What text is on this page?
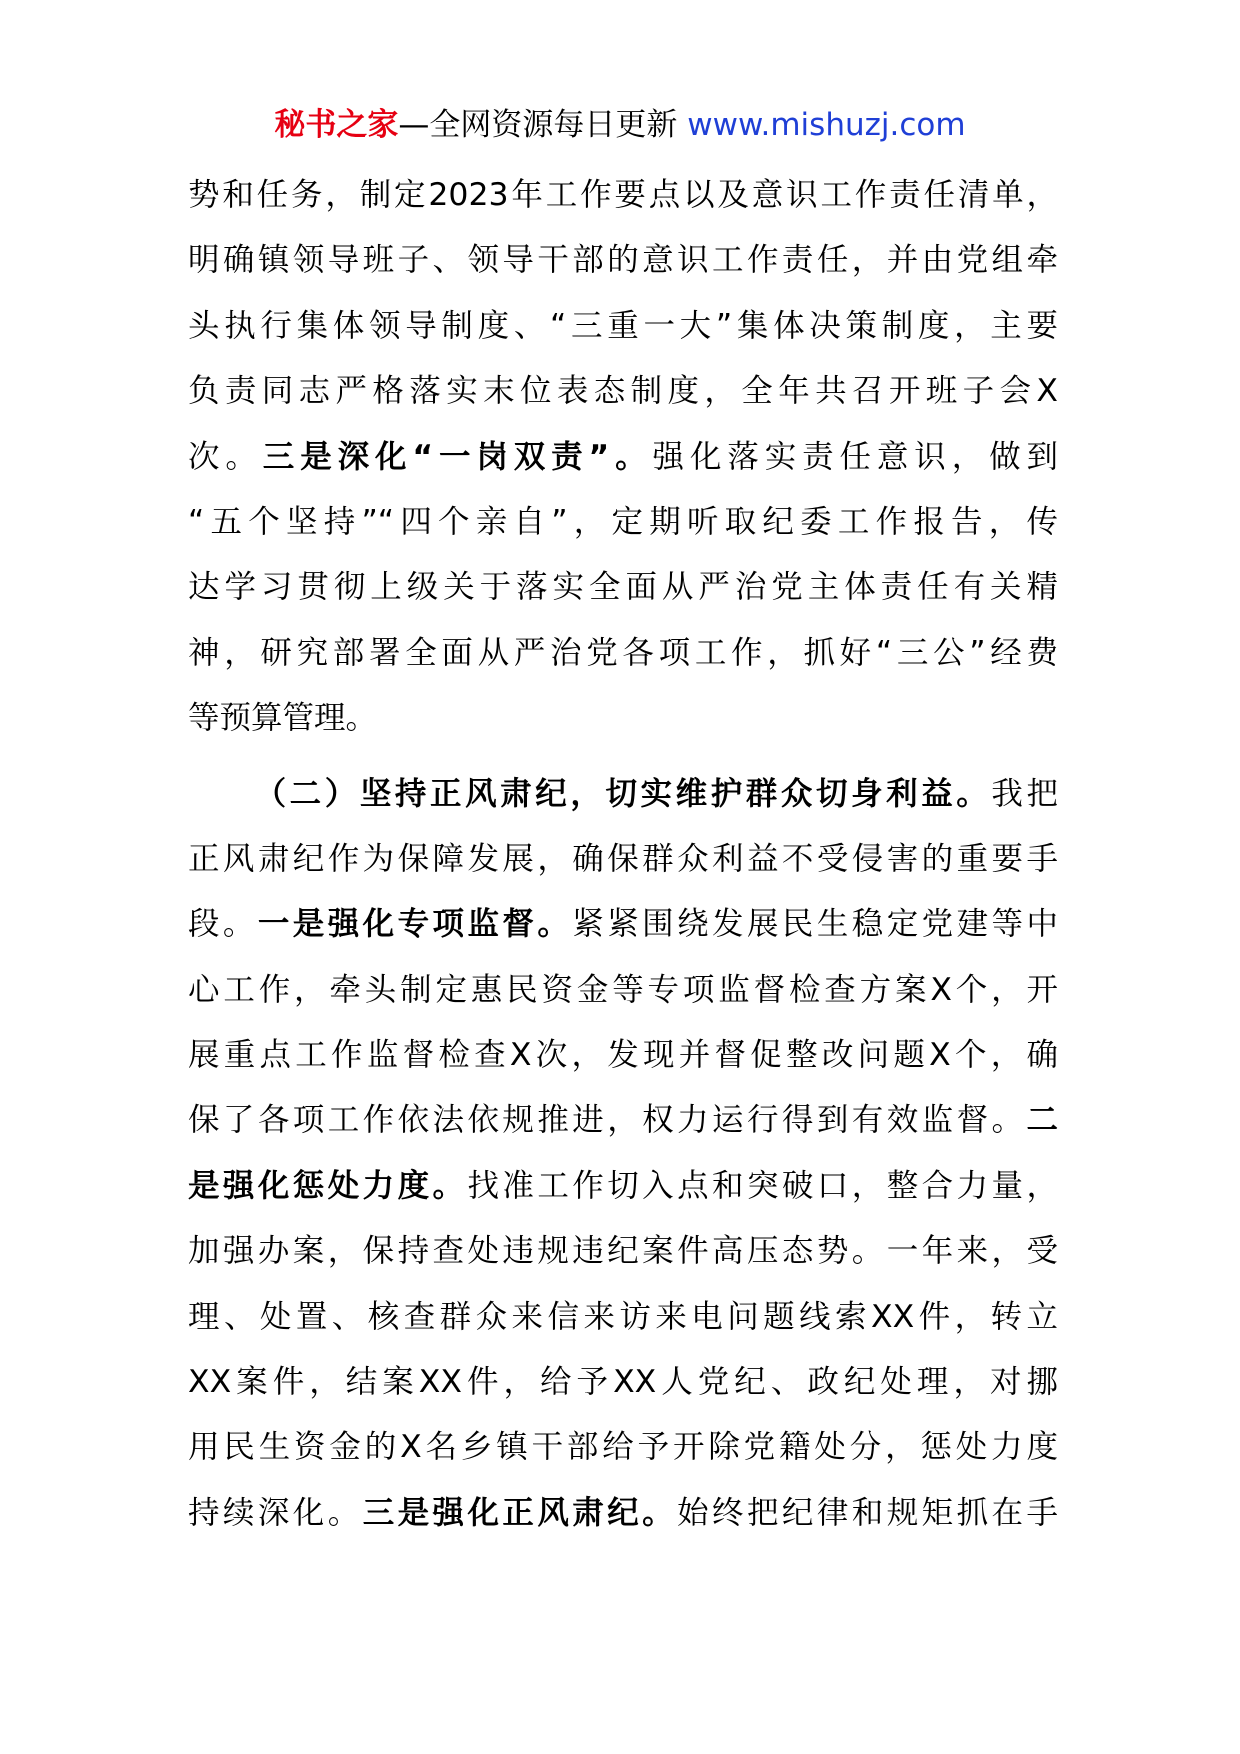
秘书之家—全网资源每日更新 www.mishuzj.com
势和任务，制定2023年工作要点以及意识工作责任清单，
明确镇领导班子、领导干部的意识工作责任，并由党组牵
头执行集体领导制度、“三重一大”集体决策制度，主要
负责同志严格落实末位表态制度，全年共召开班子会X
次。三是深化“一岗双责”。强化落实责任意识，做到
“五个坚持”“四个亲自”，定期听取纪委工作报告，传
达学习贯彻上级关于落实全面从严治党主体责任有关精
神，研究部署全面从严治党各项工作，抓好“三公”经费
等预算管理。
（二）坚持正风肃纪，切实维护群众切身利益。我把
正风肃纪作为保障发展，确保群众利益不受侵害的重要手
段。一是强化专项监督。紧紧围绕发展民生稳定党建等中
心工作，牵头制定惠民资金等专项监督检查方案X个，开
展重点工作监督检查X次，发现并督促整改问题X个，确
保了各项工作依法依规推进，权力运行得到有效监督。二
是强化惩处力度。找准工作切入点和突破口，整合力量，
加强办案，保持查处违规违纪案件高压态势。一年来，受
理、处置、核查群众来信来访来电问题线索XX件，转立
XX案件，结案XX件，给予XX人党纪、政纪处理，对挪
用民生资金的X名乡镇干部给予开除党籍处分，惩处力度
持续深化。三是强化正风肃纪。始终把纪律和规矩抓在手
